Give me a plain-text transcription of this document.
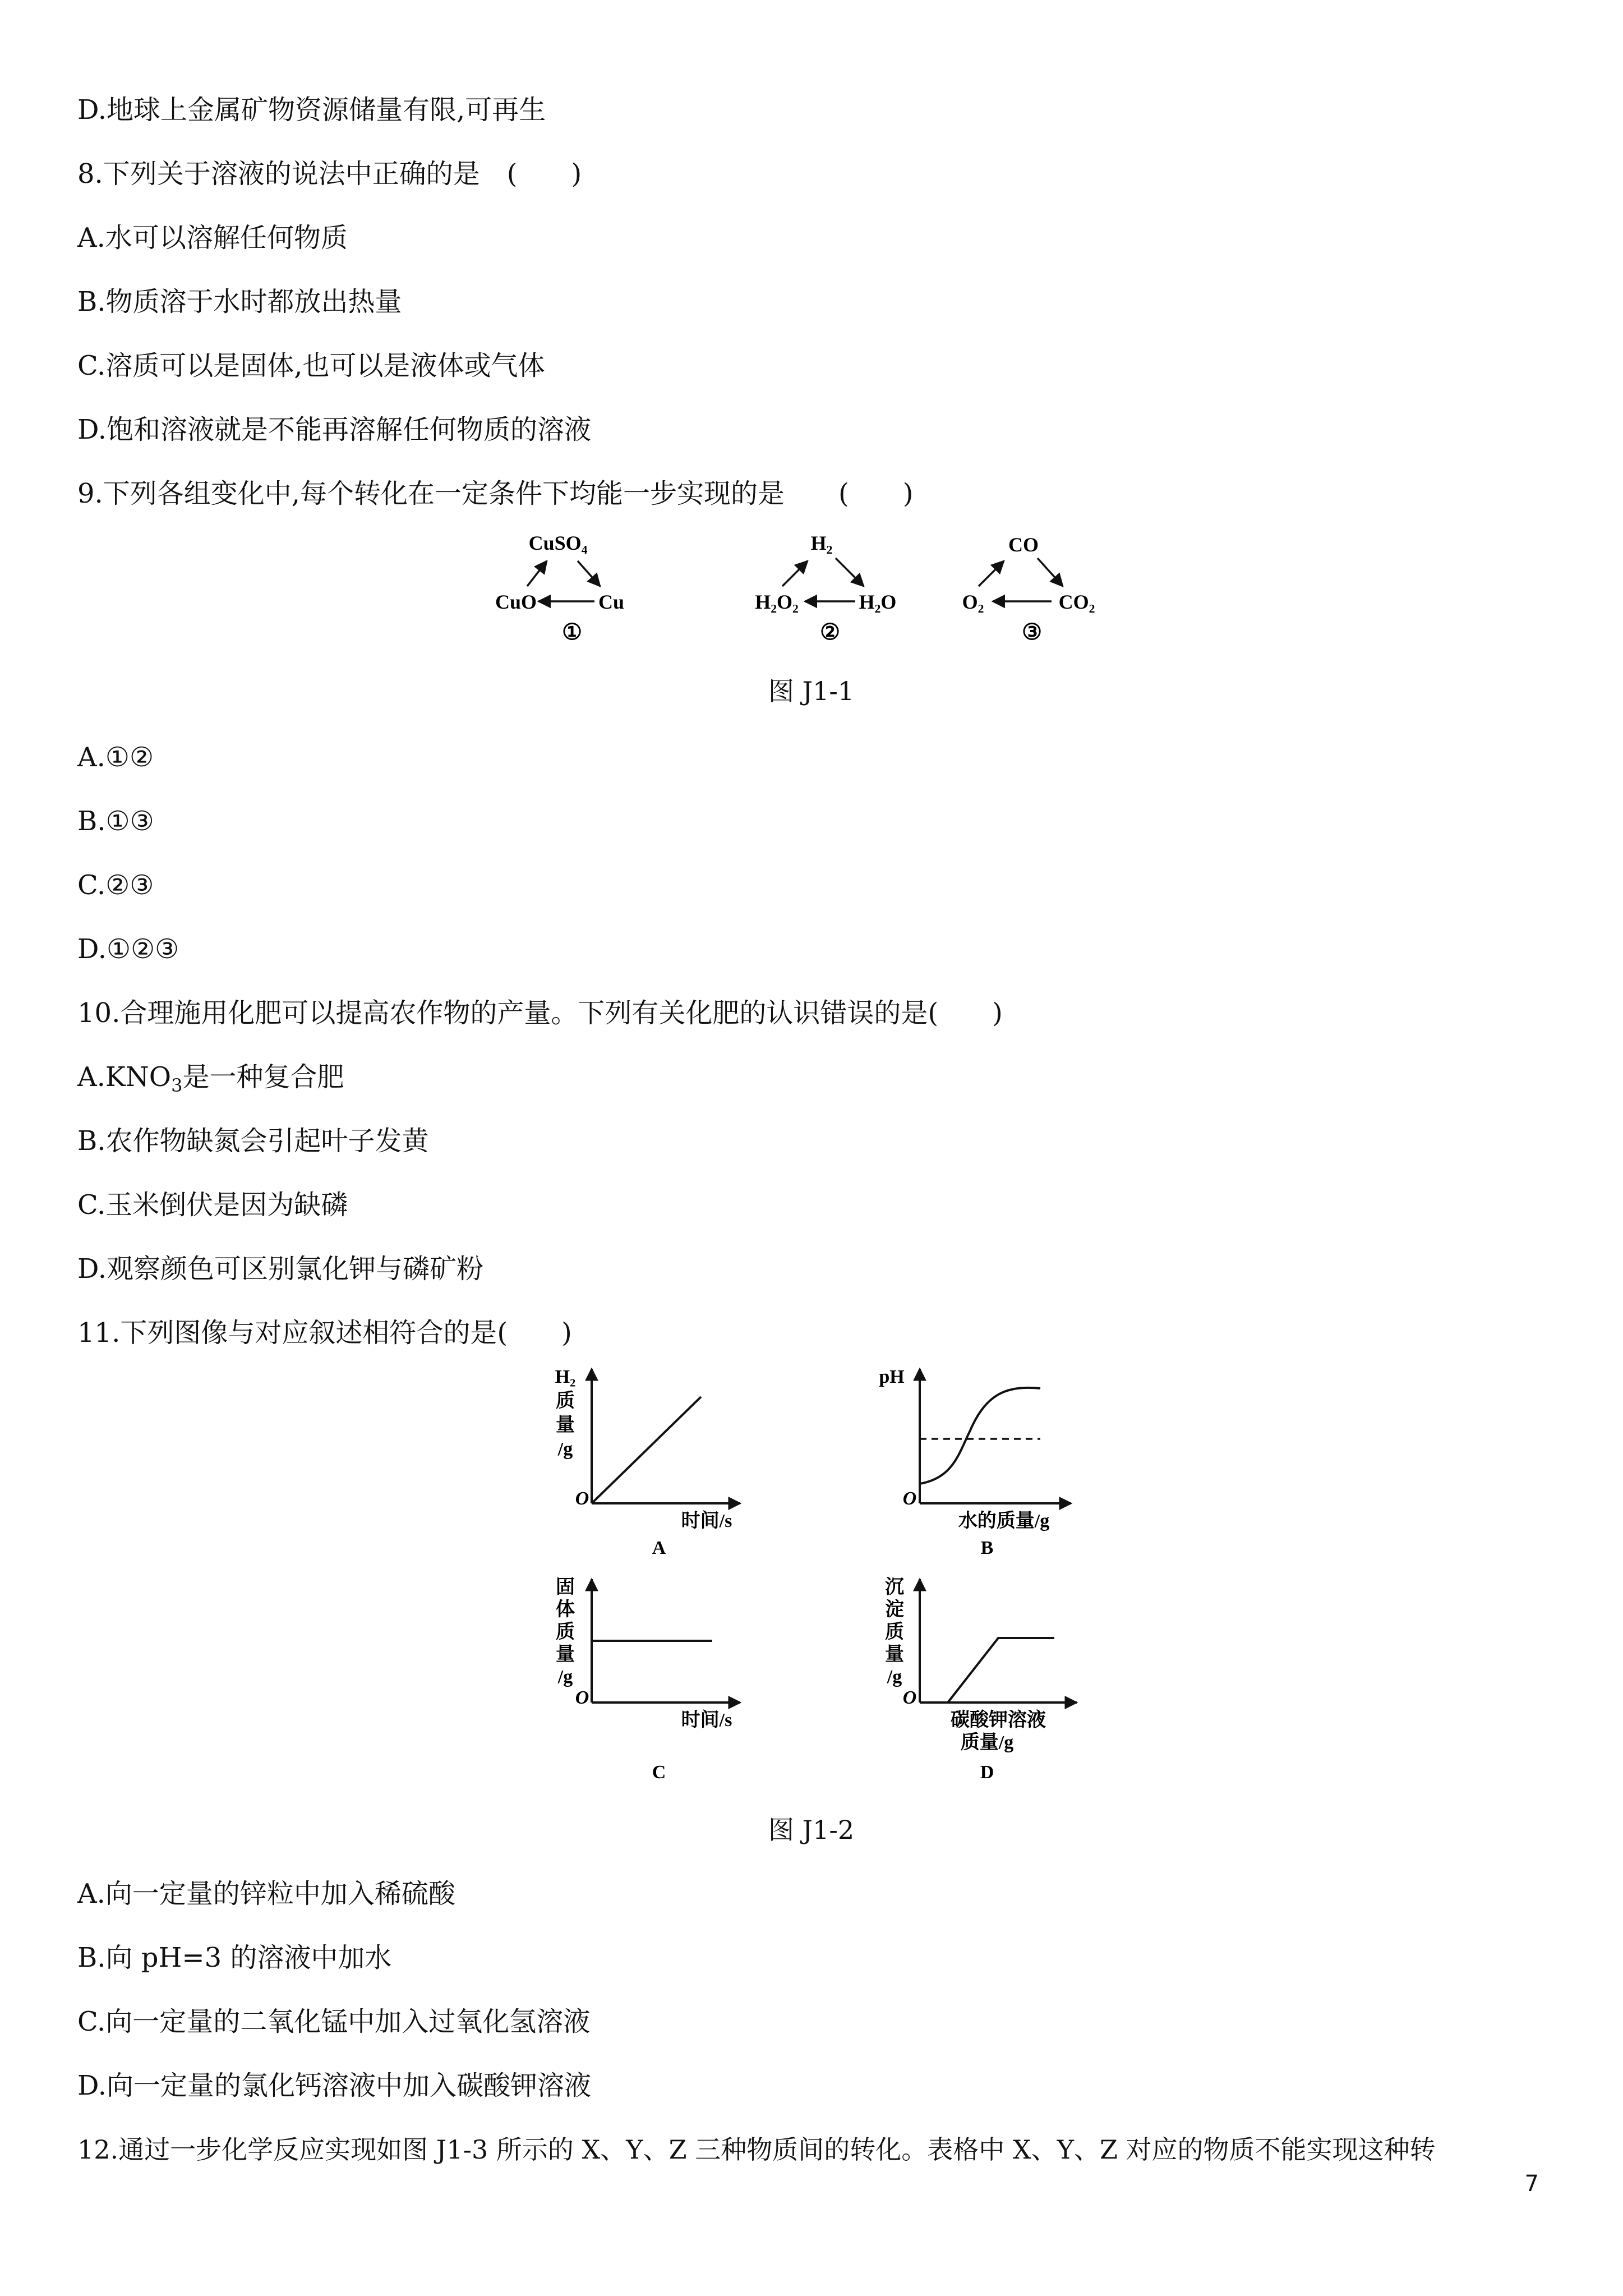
D.地球上金属矿物资源储量有限,可再生
8.下列关于溶液的说法中正确的是　(　　)
A.水可以溶解任何物质
B.物质溶于水时都放出热量
C.溶质可以是固体,也可以是液体或气体
D.饱和溶液就是不能再溶解任何物质的溶液
9.下列各组变化中,每个转化在一定条件下均能一步实现的是　　(　　)
CuSO₄
CuO	Cu
①
H₂
H₂O₂	H₂O
②
CO
O₂	CO₂
③
图 J1-1
A.①②
B.①③
C.②③
D.①②③
10.合理施用化肥可以提高农作物的产量。下列有关化肥的认识错误的是(　　)
$A.KNO_3$是一种复合肥
B.农作物缺氮会引起叶子发黄
C.玉米倒伏是因为缺磷
D.观察颜色可区别氯化钾与磷矿粉
11.下列图像与对应叙述相符合的是(　　)
H₂
质
量
/g
O
时间/s
A
pH
O
水的质量/g
B
固
体
质
量
/g
O
时间/s
C
沉
淀
质
量
/g
O
碳酸钾溶液
质量/g
D
图 J1-2
A.向一定量的锌粒中加入稀硫酸
B.向 pH=3 的溶液中加水
C.向一定量的二氧化锰中加入过氧化氢溶液
D.向一定量的氯化钙溶液中加入碳酸钾溶液
12.通过一步化学反应实现如图 J1-3 所示的 X、Y、Z 三种物质间的转化。表格中 X、Y、Z 对应的物质不能实现这种转
7
